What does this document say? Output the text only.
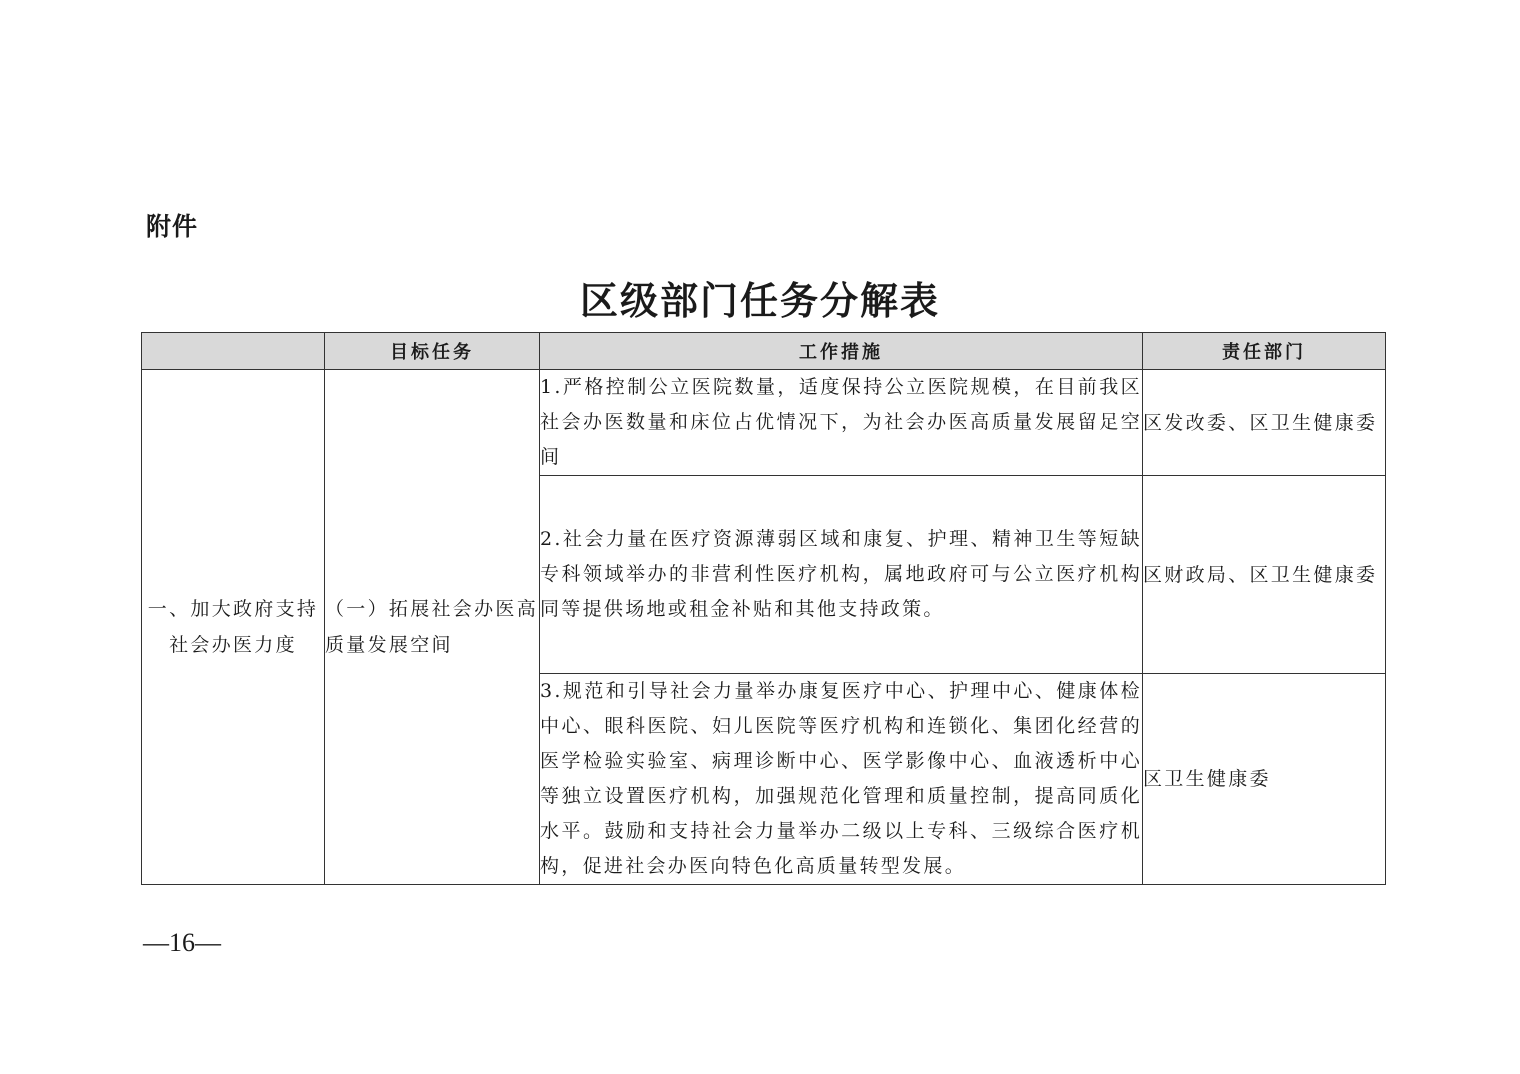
附件
区级部门任务分解表
	目标任务	工作措施	责任部门
一、加大政府支持社会办医力度	（一）拓展社会办医高质量发展空间	1.严格控制公立医院数量，适度保持公立医院规模，在目前我区社会办医数量和床位占优情况下，为社会办医高质量发展留足空间	区发改委、区卫生健康委
		2.社会力量在医疗资源薄弱区域和康复、护理、精神卫生等短缺专科领域举办的非营利性医疗机构，属地政府可与公立医疗机构同等提供场地或租金补贴和其他支持政策。	区财政局、区卫生健康委
		3.规范和引导社会力量举办康复医疗中心、护理中心、健康体检中心、眼科医院、妇儿医院等医疗机构和连锁化、集团化经营的医学检验实验室、病理诊断中心、医学影像中心、血液透析中心等独立设置医疗机构，加强规范化管理和质量控制，提高同质化水平。鼓励和支持社会力量举办二级以上专科、三级综合医疗机构，促进社会办医向特色化高质量转型发展。	区卫生健康委
—16—
